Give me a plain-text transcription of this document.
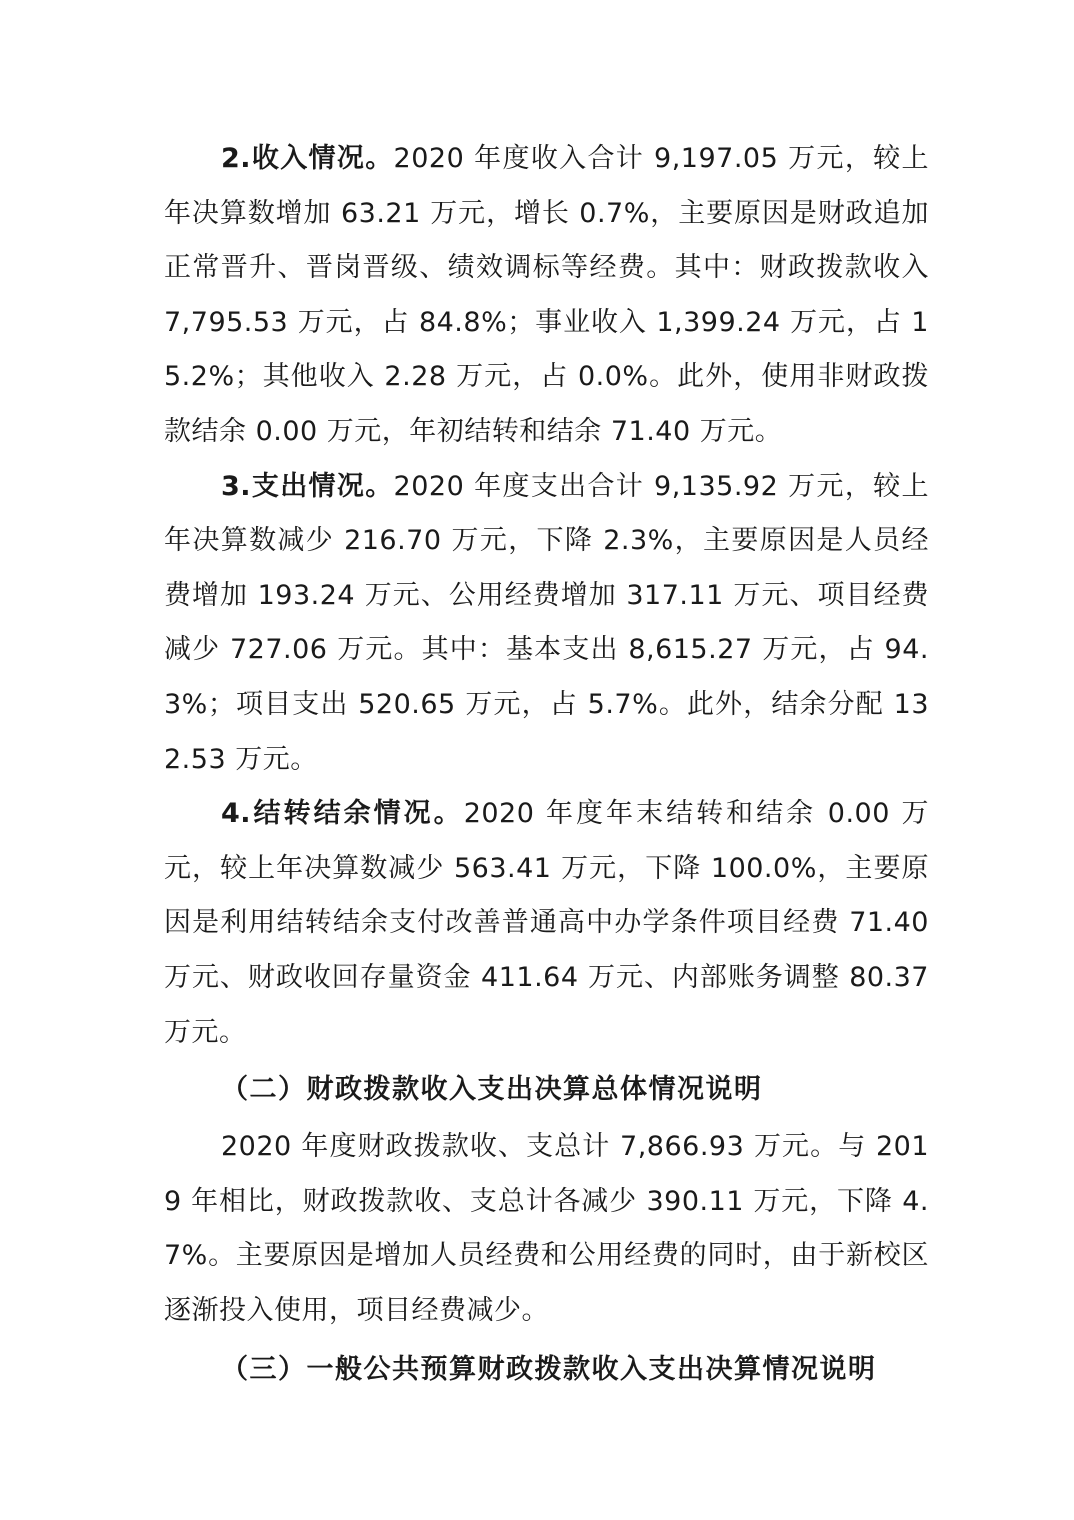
2.收入情况。2020 年度收入合计 9,197.05 万元，较上年决算数增加 63.21 万元，增长 0.7%，主要原因是财政追加正常晋升、晋岗晋级、绩效调标等经费。其中：财政拨款收入 7,795.53 万元，占 84.8%；事业收入 1,399.24 万元，占 15.2%；其他收入 2.28 万元，占 0.0%。此外，使用非财政拨款结余 0.00 万元，年初结转和结余 71.40 万元。

3.支出情况。2020 年度支出合计 9,135.92 万元，较上年决算数减少 216.70 万元，下降 2.3%，主要原因是人员经费增加 193.24 万元、公用经费增加 317.11 万元、项目经费减少 727.06 万元。其中：基本支出 8,615.27 万元，占 94.3%；项目支出 520.65 万元，占 5.7%。此外，结余分配 132.53 万元。

4.结转结余情况。2020 年度年末结转和结余 0.00 万元，较上年决算数减少 563.41 万元，下降 100.0%，主要原因是利用结转结余支付改善普通高中办学条件项目经费 71.40 万元、财政收回存量资金 411.64 万元、内部账务调整 80.37 万元。

（二）财政拨款收入支出决算总体情况说明

2020 年度财政拨款收、支总计 7,866.93 万元。与 2019 年相比，财政拨款收、支总计各减少 390.11 万元，下降 4.7%。主要原因是增加人员经费和公用经费的同时，由于新校区逐渐投入使用，项目经费减少。

（三）一般公共预算财政拨款收入支出决算情况说明
